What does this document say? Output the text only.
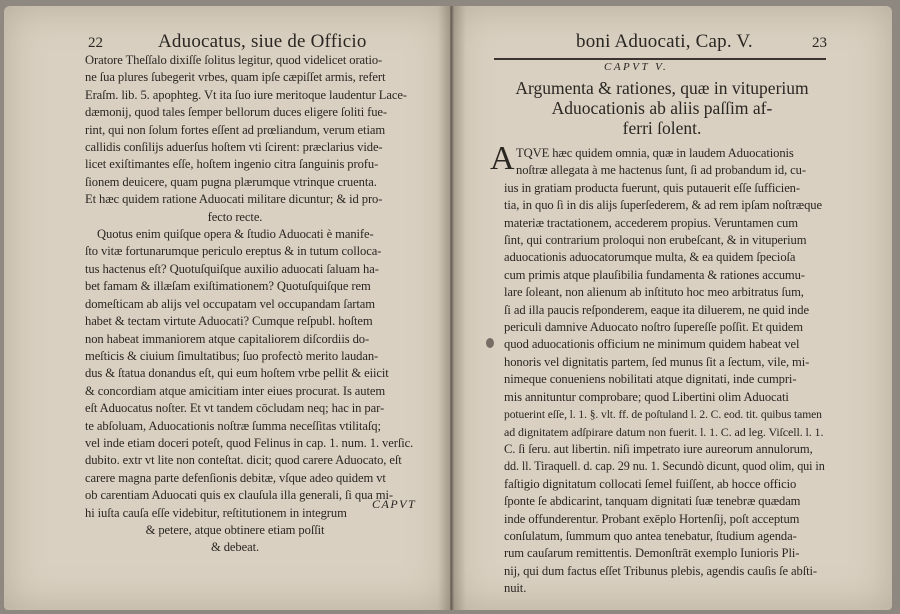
22	Aduocatus, siue de Officio
Oratore Theſſalo dixiſſe ſolitus legitur, quod videlicet oratio-
ne ſua plures ſubegerit vrbes, quam ipſe cæpiſſet armis, refert
Eraſm. lib. 5. apophteg. Vt ita ſuo iure meritoque laudentur Lace-
dæmonij, quod tales ſemper bellorum duces eligere ſoliti fue-
rint, qui non ſolum fortes eſſent ad prœliandum, verum etiam
callidis conſilijs aduerſus hoſtem vti ſcirent: præclarius vide-
licet exiſtimantes eſſe, hoſtem ingenio citra ſanguinis profu-
ſionem deuicere, quam pugna plærumque vtrinque cruenta.
Et hæc quidem ratione Aduocati militare dicuntur; & id pro-
fecto recte.
Quotus enim quiſque opera & ſtudio Aduocati è manife-
ſto vitæ fortunarumque periculo ereptus & in tutum colloca-
tus hactenus eſt? Quotuſquiſque auxilio aduocati ſaluam ha-
bet famam & illæſam exiſtimationem? Quotuſquiſque rem
domeſticam ab alijs vel occupatam vel occupandam ſartam
habet & tectam virtute Aduocati? Cumque reſpubl. hoſtem
non habeat immaniorem atque capitaliorem diſcordiis do-
meſticis & ciuium ſimultatibus; ſuo profectò merito laudan-
dus & ſtatua donandus eſt, qui eum hoſtem vrbe pellit & eiicit
& concordiam atque amicitiam inter eiues procurat. Is autem
eſt Aduocatus noſter. Et vt tandem cōcludam neq; hac in par-
te abſoluam, Aduocationis noſtræ ſumma neceſſitas vtilitaſq;
vel inde etiam doceri poteſt, quod Felinus in cap. 1. num. 1. verſic.
dubito. extr vt lite non conteſtat. dicit; quod carere Aduocato, eſt
carere magna parte defenſionis debitæ, vſque adeo quidem vt
ob carentiam Aduocati quis ex clauſula illa generali, ſi qua mi-
hi iuſta cauſa eſſe videbitur, reſtitutionem in integrum
& petere, atque obtinere etiam poſſit
& debeat.
CAPVT
boni Aduocati, Cap. V.	23
CAPVT V.
Argumenta & rationes, quæ in vituperium
Aduocationis ab aliis paſſim af-
ferri ſolent.
A TQVE hæc quidem omnia, quæ in laudem Aduocationis
noſtræ allegata à me hactenus ſunt, ſi ad probandum id, cu-
ius in gratiam producta fuerunt, quis putauerit eſſe ſufficien-
tia, in quo ſi in dis alijs ſuperſederem, & ad rem ipſam noſtræque
materiæ tractationem, accederem propius. Veruntamen cum
ſint, qui contrarium proloqui non erubeſcant, & in vituperium
aduocationis aduocatorumque multa, & ea quidem ſpecioſa
cum primis atque plauſibilia fundamenta & rationes accumu-
lare ſoleant, non alienum ab inſtituto hoc meo arbitratus ſum,
ſi ad illa paucis reſponderem, eaque ita diluerem, ne quid inde
periculi damnive Aduocato noſtro ſupereſſe poſſit. Et quidem
quod aduocationis officium ne minimum quidem habeat vel
honoris vel dignitatis partem, ſed munus ſit a ſectum, vile, mi-
nimeque conueniens nobilitati atque dignitati, inde cumpri-
mis annituntur comprobare; quod Libertini olim Aduocati
potuerint eſſe, l. 1. §. vlt. ff. de poſtuland l. 2. C. eod. tit. quibus tamen
ad dignitatem adſpirare datum non fuerit. l. 1. C. ad leg. Viſcell. l. 1.
C. ſi ſeru. aut libertin. niſi impetrato iure aureorum annulorum,
dd. ll. Tiraquell. d. cap. 29 nu. 1. Secundò dicunt, quod olim, qui in
faſtigio dignitatum collocati ſemel fuiſſent, ab hocce officio
ſponte ſe abdicarint, tanquam dignitati ſuæ tenebræ quædam
inde offunderentur. Probant exēplo Hortenſij, poſt acceptum
conſulatum, ſummum quo antea tenebatur, ſtudium agenda-
rum cauſarum remittentis. Demonſtrāt exemplo Iunioris Pli-
nij, qui dum factus eſſet Tribunus plebis, agendis cauſis ſe abſti-
nuit.
